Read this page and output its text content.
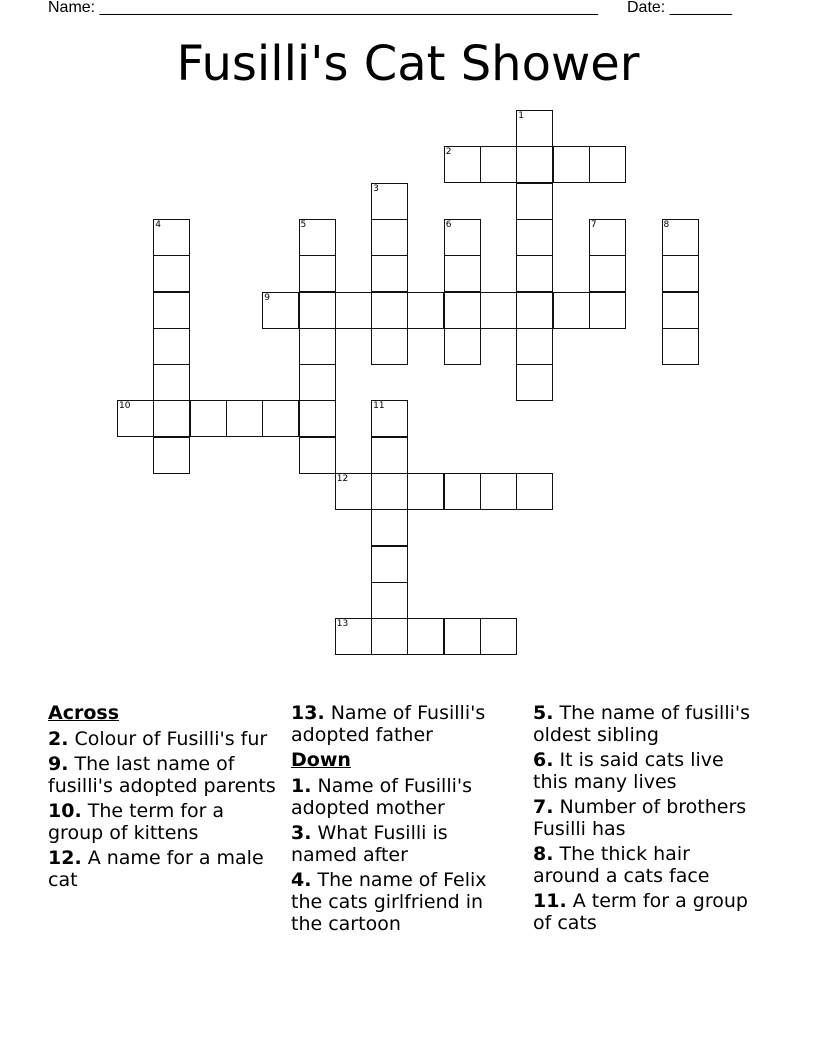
Name: ________________________________________________________ Date: _______
Fusilli's Cat Shower
1
2
3
4	5	6	7	8
9
10	11
12
13
Across
2. Colour of Fusilli's fur
9. The last name of fusilli's adopted parents
10. The term for a group of kittens
12. A name for a male cat
13. Name of Fusilli's adopted father
Down
1. Name of Fusilli's adopted mother
3. What Fusilli is named after
4. The name of Felix the cats girlfriend in the cartoon
5. The name of fusilli's oldest sibling
6. It is said cats live this many lives
7. Number of brothers Fusilli has
8. The thick hair around a cats face
11. A term for a group of cats
